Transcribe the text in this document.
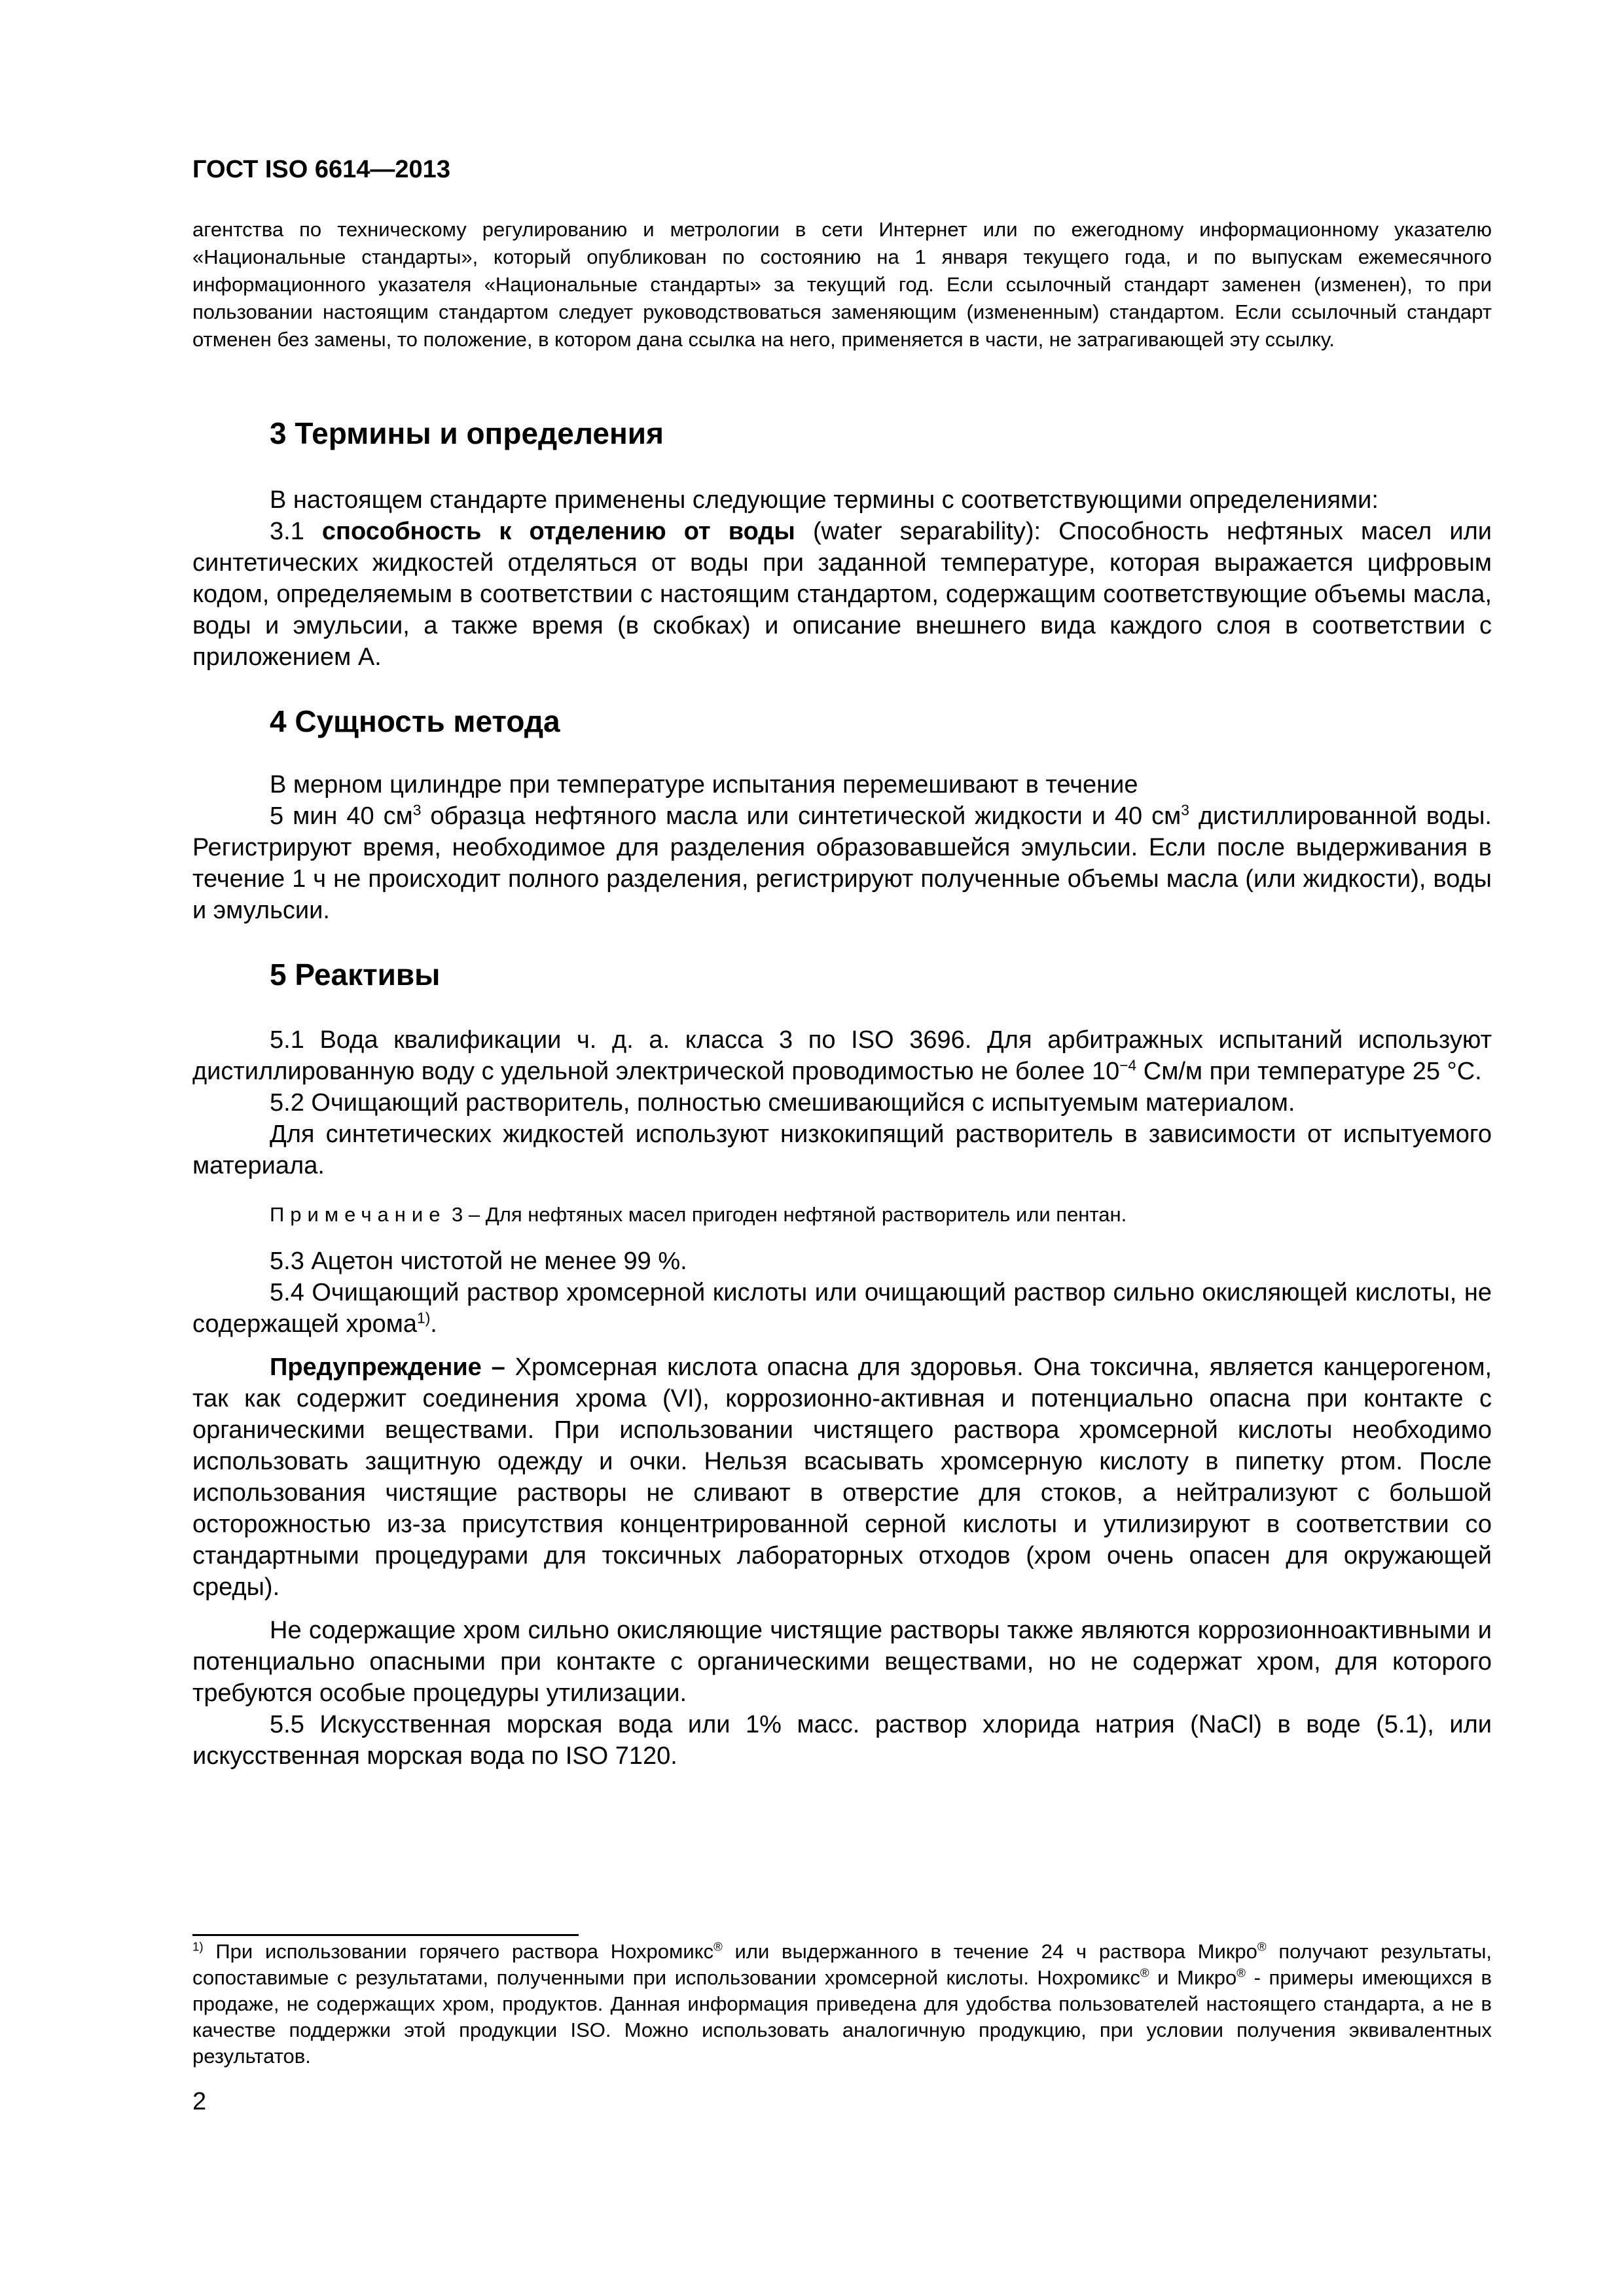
ГОСТ ISO 6614—2013

агентства по техническому регулированию и метрологии в сети Интернет или по ежегодному информационному указателю «Национальные стандарты», который опубликован по состоянию на 1 января текущего года, и по выпускам ежемесячного информационного указателя «Национальные стандарты» за текущий год. Если ссылочный стандарт заменен (изменен), то при пользовании настоящим стандартом следует руководствоваться заменяющим (измененным) стандартом. Если ссылочный стандарт отменен без замены, то положение, в котором дана ссылка на него, применяется в части, не затрагивающей эту ссылку.

3 Термины и определения

В настоящем стандарте применены следующие термины с соответствующими определениями:

3.1 способность к отделению от воды (water separability): Способность нефтяных масел или синтетических жидкостей отделяться от воды при заданной температуре, которая выражается цифровым кодом, определяемым в соответствии с настоящим стандартом, содержащим соответствующие объемы масла, воды и эмульсии, а также время (в скобках) и описание внешнего вида каждого слоя в соответствии с приложением А.

4 Сущность метода

В мерном цилиндре при температуре испытания перемешивают в течение

5 мин 40 $см^3$ образца нефтяного масла или синтетической жидкости и 40 $см^3$ дистиллированной воды. Регистрируют время, необходимое для разделения образовавшейся эмульсии. Если после выдерживания в течение 1 ч не происходит полного разделения, регистрируют полученные объемы масла (или жидкости), воды и эмульсии.

5 Реактивы

5.1 Вода квалификации ч. д. а. класса 3 по ISO 3696. Для арбитражных испытаний используют дистиллированную воду с удельной электрической проводимостью не более $10^{-4}$ См/м при температуре 25 °С.

5.2 Очищающий растворитель, полностью смешивающийся с испытуемым материалом.

Для синтетических жидкостей используют низкокипящий растворитель в зависимости от испытуемого материала.

Примечание 3 – Для нефтяных масел пригоден нефтяной растворитель или пентан.

5.3 Ацетон чистотой не менее 99 %.

5.4 Очищающий раствор хромсерной кислоты или очищающий раствор сильно окисляющей кислоты, не содержащей хрома$^{1)}$.

Предупреждение – Хромсерная кислота опасна для здоровья. Она токсична, является канцерогеном, так как содержит соединения хрома (VI), коррозионно-активная и потенциально опасна при контакте с органическими веществами. При использовании чистящего раствора хромсерной кислоты необходимо использовать защитную одежду и очки. Нельзя всасывать хромсерную кислоту в пипетку ртом. После использования чистящие растворы не сливают в отверстие для стоков, а нейтрализуют с большой осторожностью из-за присутствия концентрированной серной кислоты и утилизируют в соответствии со стандартными процедурами для токсичных лабораторных отходов (хром очень опасен для окружающей среды).

Не содержащие хром сильно окисляющие чистящие растворы также являются коррозионноактивными и потенциально опасными при контакте с органическими веществами, но не содержат хром, для которого требуются особые процедуры утилизации.

5.5 Искусственная морская вода или 1% масс. раствор хлорида натрия (NaCl) в воде (5.1), или искусственная морская вода по ISO 7120.

$^{1)}$ При использовании горячего раствора Нохромикс® или выдержанного в течение 24 ч раствора Микро® получают результаты, сопоставимые с результатами, полученными при использовании хромсерной кислоты. Нохромикс® и Микро® - примеры имеющихся в продаже, не содержащих хром, продуктов. Данная информация приведена для удобства пользователей настоящего стандарта, а не в качестве поддержки этой продукции ISO. Можно использовать аналогичную продукцию, при условии получения эквивалентных результатов.
2
